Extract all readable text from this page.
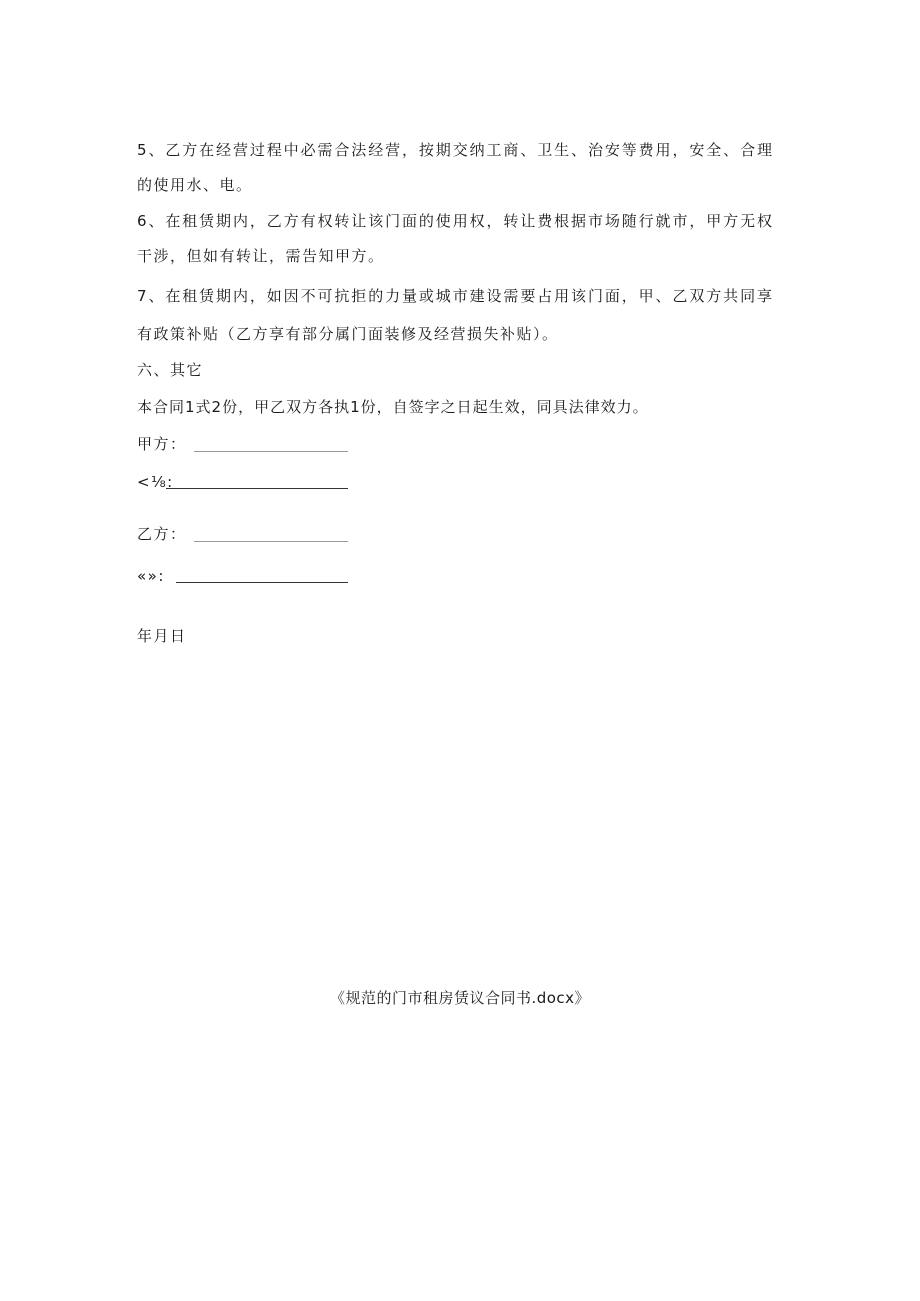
5、乙方在经营过程中必需合法经营，按期交纳工商、卫生、治安等费用，安全、合理
的使用水、电。
6、在租赁期内，乙方有权转让该门面的使用权，转让费根据市场随行就市，甲方无权
干涉，但如有转让，需告知甲方。
7、在租赁期内，如因不可抗拒的力量或城市建设需要占用该门面，甲、乙双方共同享
有政策补贴（乙方享有部分属门面装修及经营损失补贴）。
六、其它
本合同1式2份，甲乙双方各执1份，自签字之日起生效，同具法律效力。
甲方：
<⅛:
乙方：
«»:
年月日
《规范的门市租房赁议合同书.docx》
